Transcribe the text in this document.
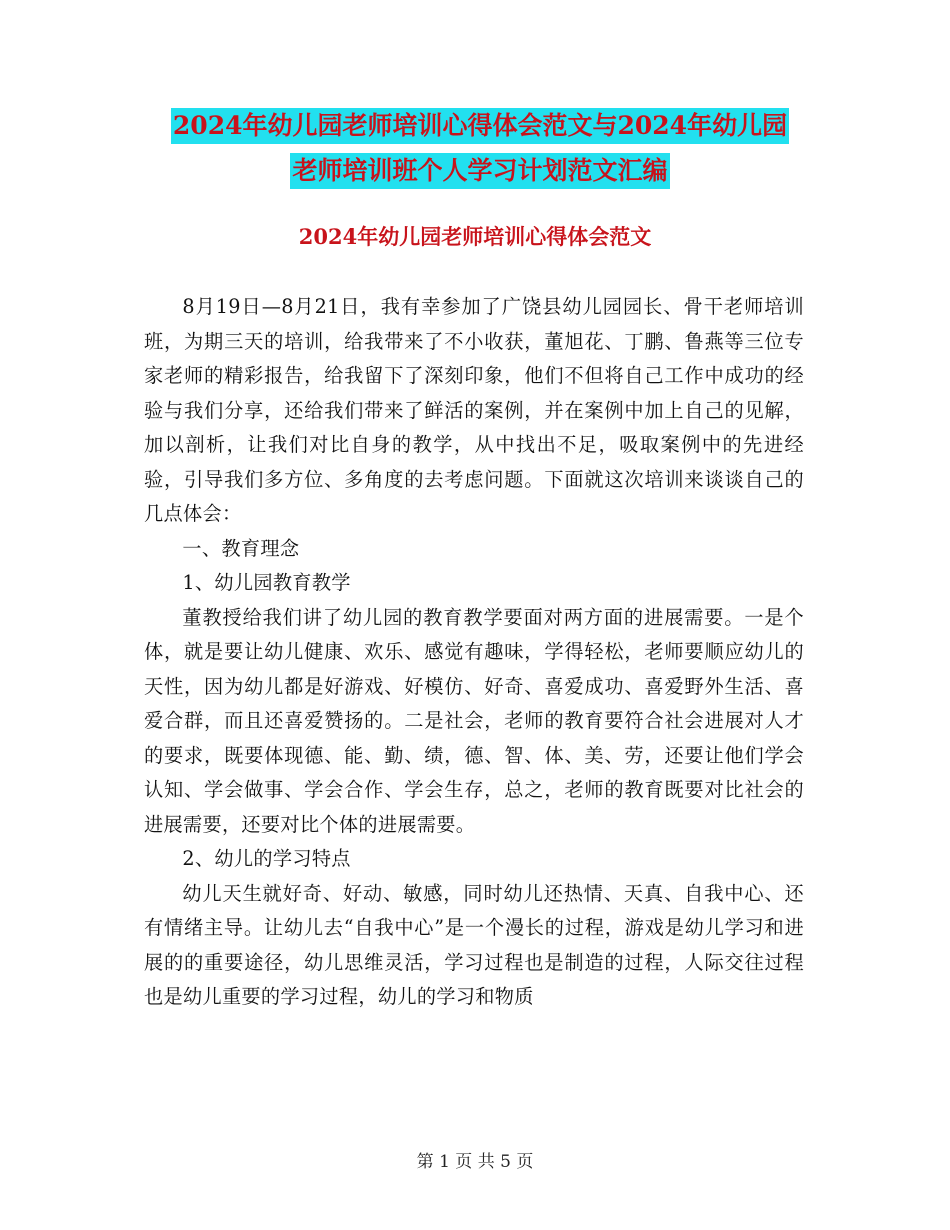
2024年幼儿园老师培训心得体会范文与2024年幼儿园
老师培训班个人学习计划范文汇编
2024年幼儿园老师培训心得体会范文

8月19日—8月21日，我有幸参加了广饶县幼儿园园长、骨干老师培训班，为期三天的培训，给我带来了不小收获，董旭花、丁鹏、鲁燕等三位专家老师的精彩报告，给我留下了深刻印象，他们不但将自己工作中成功的经验与我们分享，还给我们带来了鲜活的案例，并在案例中加上自己的见解，加以剖析，让我们对比自身的教学，从中找出不足，吸取案例中的先进经验，引导我们多方位、多角度的去考虑问题。下面就这次培训来谈谈自己的几点体会：

一、教育理念

1、幼儿园教育教学

董教授给我们讲了幼儿园的教育教学要面对两方面的进展需要。一是个体，就是要让幼儿健康、欢乐、感觉有趣味，学得轻松，老师要顺应幼儿的天性，因为幼儿都是好游戏、好模仿、好奇、喜爱成功、喜爱野外生活、喜爱合群，而且还喜爱赞扬的。二是社会，老师的教育要符合社会进展对人才的要求，既要体现德、能、勤、绩，德、智、体、美、劳，还要让他们学会认知、学会做事、学会合作、学会生存，总之，老师的教育既要对比社会的进展需要，还要对比个体的进展需要。

2、幼儿的学习特点

幼儿天生就好奇、好动、敏感，同时幼儿还热情、天真、自我中心、还有情绪主导。让幼儿去“自我中心”是一个漫长的过程，游戏是幼儿学习和进展的的重要途径，幼儿思维灵活，学习过程也是制造的过程，人际交往过程也是幼儿重要的学习过程，幼儿的学习和物质

第 1 页 共 5 页
